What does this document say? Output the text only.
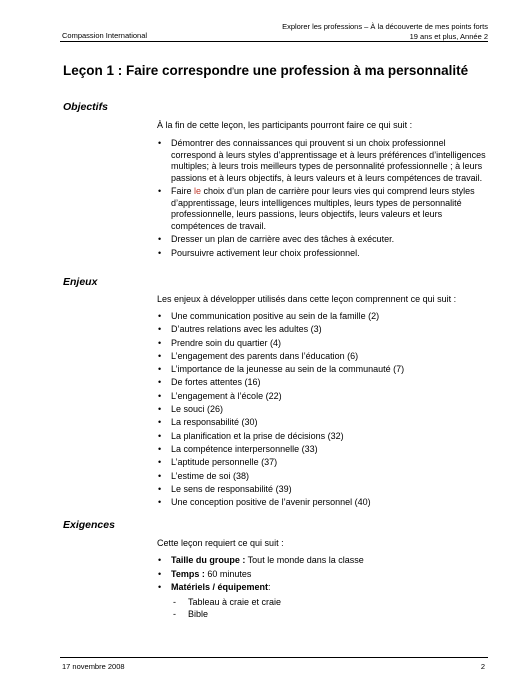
Explorer les professions – À la découverte de mes points forts
19 ans et plus, Année 2
Compassion International
Leçon 1 : Faire correspondre une profession à ma personnalité
Objectifs
À la fin de cette leçon, les participants pourront faire ce qui suit :
• Démontrer des connaissances qui prouvent si un choix professionnel correspond à leurs styles d’apprentissage et à leurs préférences d’intelligences multiples; à leurs trois meilleurs types de personnalité professionnelle ; à leurs passions et à leurs objectifs, à leurs valeurs et à leurs compétences de travail.
• Faire le choix d’un plan de carrière pour leurs vies qui comprend leurs styles d’apprentissage, leurs intelligences multiples, leurs types de personnalité professionnelle, leurs passions, leurs objectifs, leurs valeurs et leurs compétences de travail.
• Dresser un plan de carrière avec des tâches à exécuter.
• Poursuivre activement leur choix professionnel.
Enjeux
Les enjeux à développer utilisés dans cette leçon comprennent ce qui suit :
• Une communication positive au sein de la famille (2)
• D’autres relations avec les adultes (3)
• Prendre soin du quartier (4)
• L’engagement des parents dans l’éducation (6)
• L’importance de la jeunesse au sein de la communauté (7)
• De fortes attentes (16)
• L’engagement à l’école (22)
• Le souci (26)
• La responsabilité (30)
• La planification et la prise de décisions (32)
• La compétence interpersonnelle (33)
• L’aptitude personnelle (37)
• L’estime de soi (38)
• Le sens de responsabilité (39)
• Une conception positive de l’avenir personnel (40)
Exigences
Cette leçon requiert ce qui suit :
• Taille du groupe : Tout le monde dans la classe
• Temps : 60 minutes
• Matériels / équipement:
- Tableau à craie et craie
- Bible
17 novembre 2008	2
